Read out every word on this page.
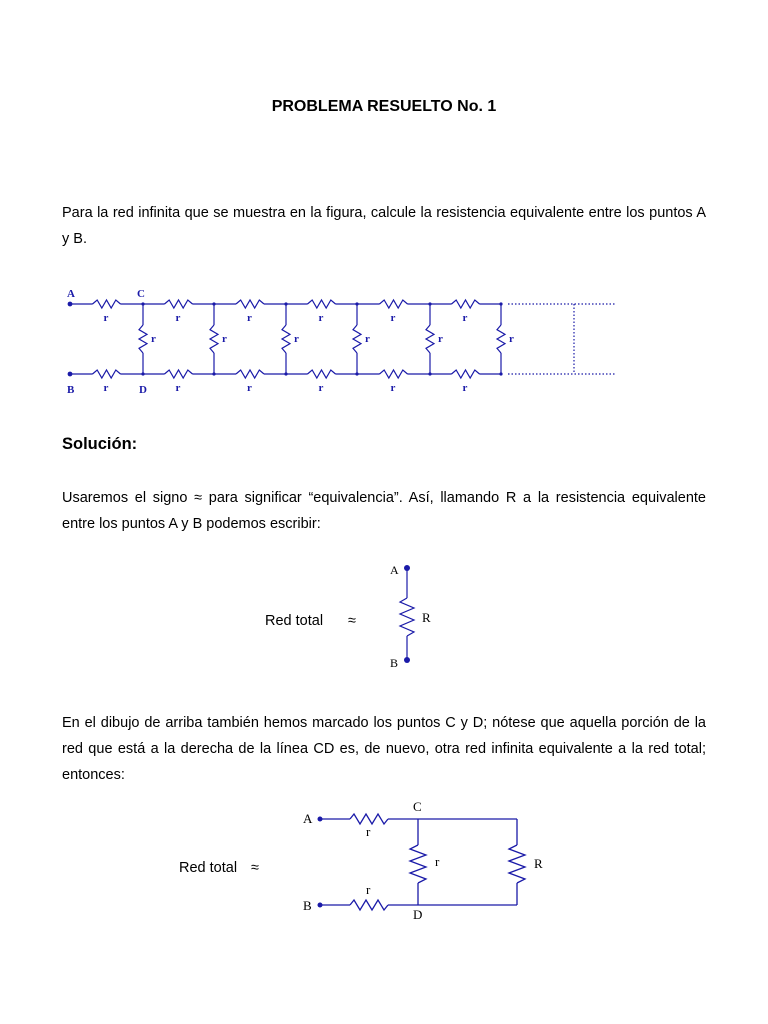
PROBLEMA RESUELTO No. 1
Para la red infinita que se muestra en la figura, calcule la resistencia equivalente entre los puntos A y B.
r
r
r
r
r
r
r
r
r
r
r
r
r	r	r	r	r	r
A
B
C
D
Solución:
Usaremos el signo ≈ para significar “equivalencia”. Así, llamando R a la resistencia equivalente entre los puntos A y B podemos escribir:
Red total ≈
A
B
R
En el dibujo de arriba también hemos marcado los puntos C y D; nótese que aquella porción de la red que está a la derecha de la línea CD es, de nuevo, otra red infinita equivalente a la red total; entonces:
Red total ≈
A
B
C
D
r
r
r	R
